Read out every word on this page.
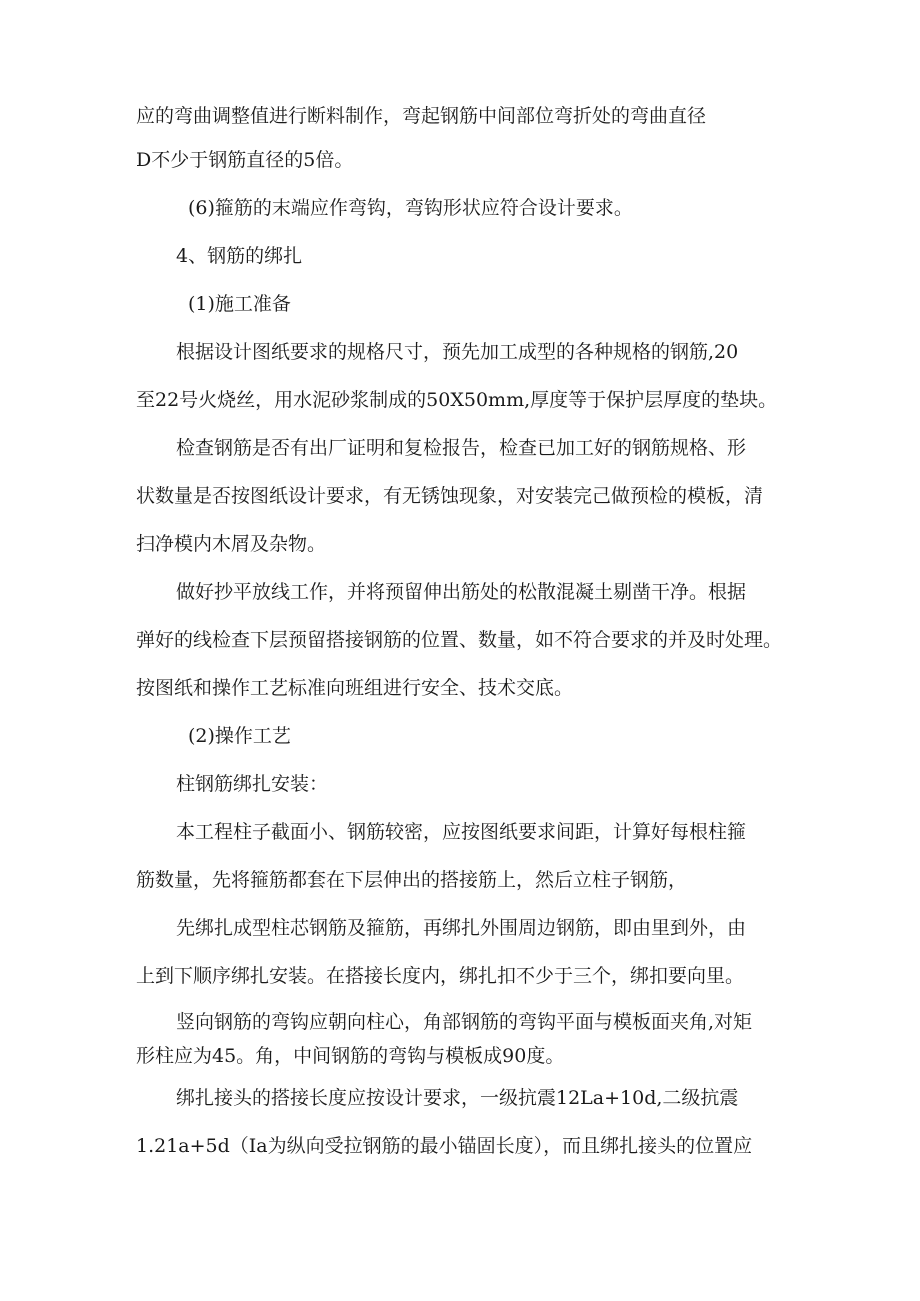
应的弯曲调整值进行断料制作，弯起钢筋中间部位弯折处的弯曲直径
D不少于钢筋直径的5倍。
(6)箍筋的末端应作弯钩，弯钩形状应符合设计要求。
4、钢筋的绑扎
(1)施工准备
根据设计图纸要求的规格尺寸，预先加工成型的各种规格的钢筋,20
至22号火烧丝，用水泥砂浆制成的50X50mm,厚度等于保护层厚度的垫块。
检查钢筋是否有出厂证明和复检报告，检查已加工好的钢筋规格、形
状数量是否按图纸设计要求，有无锈蚀现象，对安装完己做预检的模板，清
扫净模内木屑及杂物。
做好抄平放线工作，并将预留伸出筋处的松散混凝土剔凿干净。根据
弹好的线检查下层预留搭接钢筋的位置、数量，如不符合要求的并及时处理。
按图纸和操作工艺标准向班组进行安全、技术交底。
(2)操作工艺
柱钢筋绑扎安装：
本工程柱子截面小、钢筋较密，应按图纸要求间距，计算好每根柱箍
筋数量，先将箍筋都套在下层伸出的搭接筋上，然后立柱子钢筋，
先绑扎成型柱芯钢筋及箍筋，再绑扎外围周边钢筋，即由里到外，由
上到下顺序绑扎安装。在搭接长度内，绑扎扣不少于三个，绑扣要向里。
竖向钢筋的弯钩应朝向柱心，角部钢筋的弯钩平面与模板面夹角,对矩
形柱应为45。角，中间钢筋的弯钩与模板成90度。
绑扎接头的搭接长度应按设计要求，一级抗震12La+10d,二级抗震
1.21a+5d（Ia为纵向受拉钢筋的最小锚固长度），而且绑扎接头的位置应
